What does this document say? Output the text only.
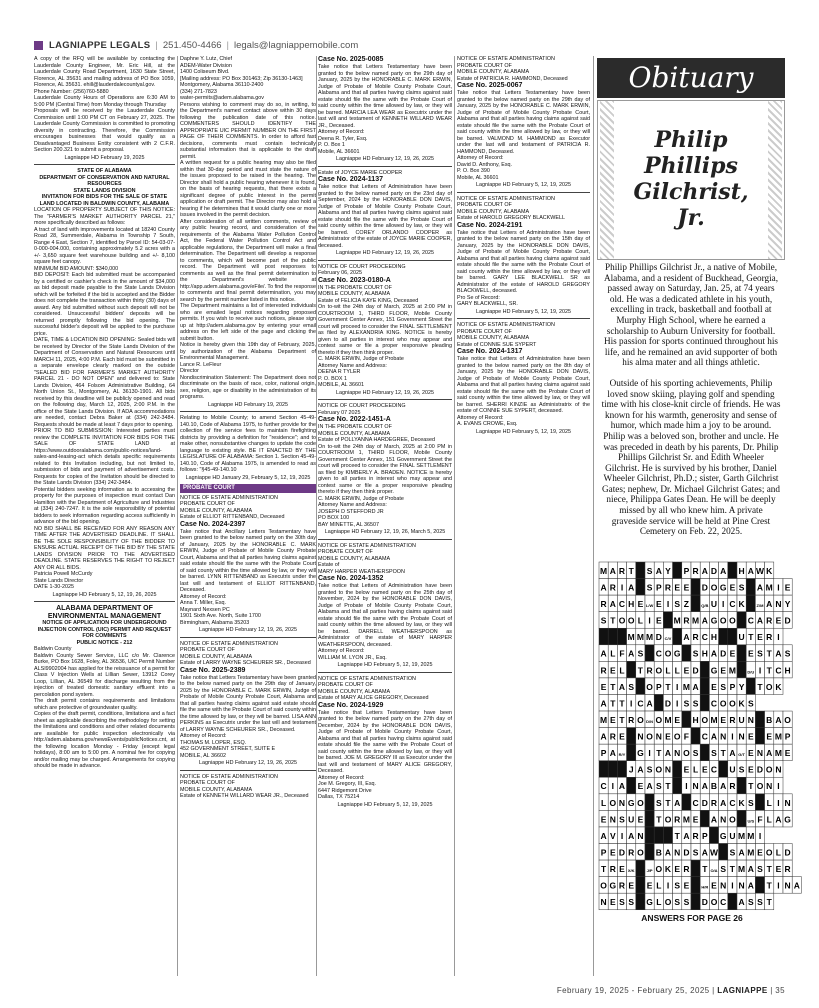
LAGNIAPPE LEGALS | 251.450-4466 | legals@lagniappemobile.com

A copy of the RFQ will be available by contacting the Lauderdale County Engineer, Mr. Eric Hill, at the Lauderdale County Road Department, 1630 State Street, Florence, AL 35631 and mailing address of PO Box 1059, Florence, AL 35631. ehill@lauderdalecountyal.gov.

Phone Number: (256)760-5880

Lauderdale County Hours of Operations are 6:30 AM to 5:00 PM (Central Time) from Monday through Thursday

Proposals will be received by the Lauderdale County Commission until 1:00 PM CT on February 27, 2025. The Lauderdale County Commission is committed to promoting diversity in contracting. Therefore, the Commission encourages businesses that would qualify as a Disadvantaged Business Entity consistent with 2 C.F.R. Section 200.321 to submit a proposal.

Lagniappe HD February 19, 2025

STATE OF ALABAMA

DEPARTMENT OF CONSERVATION AND NATURAL RESOURCES

STATE LANDS DIVISION

INVITATION FOR BIDS FOR THE SALE OF STATE LAND LOCATED IN BALDWIN COUNTY, ALABAMA

LOCATION OF PROPERTY SUBJECT OF THIS NOTICE: The "FARMER'S MARKET AUTHORITY PARCEL 21," more specifically described as follows:

A tract of land with improvements located at 18240 County Road 28, Summerdale, Alabama in Township 7 South, Range 4 East, Section 7, identified by Parcel ID: 54-03-07-0-000-004.000, containing approximately 5.2 acres with a +/- 3,650 square feet warehouse building and +/- 8,100 square feet canopy.

MINIMUM BID AMOUNT: $340,000

BID DEPOSIT: Each bid submitted must be accompanied by a certified or cashier's check in the amount of $34,000 as bid deposit made payable to the State Lands Division which will be forfeited if the bid is accepted and the Bidder does not complete the transaction within thirty (30) days of award. Any bid submitted without such deposit will not be considered. Unsuccessful bidders' deposits will be returned promptly following the bid opening. The successful bidder's deposit will be applied to the purchase price.

DATE, TIME & LOCATION BID OPENING: Sealed bids will be received by Director of the State Lands Division of the Department of Conservation and Natural Resources until MARCH 11, 2025, 4:00 P.M. Each bid must be submitted in a separate envelope clearly marked on the outside "SEALED BID FOR FARMER'S MARKET AUTHORITY PARCEL 21 - DO NOT OPEN" and delivered to: State Lands Division, 464 Folsom Administrative Building, 64 North Union St., Montgomery, AL 36130-1901. All bids received by this deadline will be publicly opened and read on the following day, March 12, 2025, 2:00 P.M. in the office of the State Lands Division. If ADA accommodations are needed, contact Debra Baker at (334) 242-3484. Requests should be made at least 7 days prior to opening.

PRIOR TO BID SUBMISSION: Interested parties must review the COMPLETE INVITATION FOR BIDS FOR THE SALE OF STATE LAND at https://www.outdooralabama.com/public-notices/land-sales-and-leasing-act which details specific requirements related to this Invitation including, but not limited to, submission of bids and payment of advertisement costs. Requests for copies of the Invitation should be directed to the State Lands Division (334) 242-3484.

Potential bidders seeking information as to accessing the property for the purposes of inspection must contact Dan Hamilton with the Department of Agriculture and Industries at (334) 240-7247. It is the sole responsibility of potential bidders to seek information regarding access sufficiently in advance of the bid opening.

NO BID SHALL BE RECEIVED FOR ANY REASON ANY TIME AFTER THE ADVERTISED DEADLINE. IT SHALL BE THE SOLE RESPONSIBILITY OF THE BIDDER TO ENSURE ACTUAL RECEIPT OF THE BID BY THE STATE LANDS DIVISION PRIOR TO THE ADVERTISED DEADLINE. STATE RESERVES THE RIGHT TO REJECT ANY OR ALL BIDS.

Patricia Powell McCurdy

State Lands Director

DATE 1-30-2025

Lagniappe HD February 5, 12, 19, 26, 2025

ALABAMA DEPARTMENT OF ENVIRONMENTAL MANAGEMENT

NOTICE OF APPLICATION FOR UNDERGROUND INJECTION CONTROL (UIC) PERMIT AND REQUEST FOR COMMENTS

PUBLIC NOTICE - 212

Baldwin County

Baldwin County Sewer Service, LLC c/o Mr. Clarence Burke, PO Box 1628, Foley, AL 36536, UIC Permit Number ALSI9902004 has applied for the reissuance of a permit for Class V Injection Wells at Lillian Sewer, 13912 Corey Loop, Lillian, AL 36549 for discharge resulting from the injection of treated domestic sanitary effluent into a percolation pond system.

The draft permit contains requirements and limitations which are protective of groundwater quality.

Copies of the draft permit, conditions, limitations and a fact sheet as applicable describing the methodology for setting the limitations and conditions and other related documents are available for public inspection electronically via http://adem.alabama.gov/newsEvents/publicNotices.cnt, at the following location Monday - Friday (except legal holidays), 8:00 am to 5:00 pm. A nominal fee for copying and/or mailing may be charged. Arrangements for copying should be made in advance.

Daphne Y. Lutz, Chief

ADEM-Water Division

1400 Coliseum Blvd.

[Mailing address: PO Box 301463; Zip 36130-1463]

Montgomery, Alabama 36110-2400

(334) 271-7823

water-permits@adem.alabama.gov

Persons wishing to comment may do so, in writing, to the Department's named contact above within 30 days following the publication date of this notice. COMMENTERS SHOULD IDENTIFY THE APPROPRIATE UIC PERMIT NUMBER ON THE FIRST PAGE OF THEIR COMMENTS. In order to afford fast decisions, comments must contain technically substantial information that is applicable to the draft permit.

A written request for a public hearing may also be filed within that 30-day period and must state the nature of the issues proposed to be raised in the hearing. The Director shall hold a public hearing whenever it is found, on the basis of hearing requests, that there exists a significant degree of public interest in the permit application or draft permit. The Director may also hold a hearing if he determines that it would clarify one or more issues involved in the permit decision.

After consideration of all written comments, review of any public hearing record, and consideration of the requirements of the Alabama Water Pollution Control Act, the Federal Water Pollution Control Act and applicable regulations, the Department will make a final determination. The Department will develop a response to comments, which will become part of the public record. The Department will post responses to comments as well as the final permit determination to the Department's website at http://app.adem.alabama.gov/eFile/. To find the response to comments and final permit determination, you may search by the permit number listed in this notice.

The Department maintains a list of interested individuals who are emailed legal notices regarding proposed permits. If you wish to receive such notices, please sign up at http://adem.alabama.gov by entering your email address on the left side of the page and clicking the submit button.

Notice is hereby given this 19th day of February, 2025, by authorization of the Alabama Department of Environmental Management.

Lance R. LeFleur

Director

Nondiscrimination Statement: The Department does not discriminate on the basis of race, color, national origin, sex, religion, age or disability in the administration of its programs.

Lagniappe HD February 19, 2025

Relating to Mobile County; to amend Section 45-49-140.10, Code of Alabama 1975, to further provide for the collection of fire service fees to maintain firefighting districts by providing a definition for "residence"; and to make other, nonsubstantive changes to update the code language to existing style. BE IT ENACTED BY THE LEGISLATURE OF ALABAMA: Section 1. Section 45-49-140.10, Code of Alabama 1975, is amended to read as follows: "§45-49-140.10

Lagniappe HD January 29, February 5, 12, 19, 2025

PROBATE COURT

NOTICE OF ESTATE ADMINISTRATION

PROBATE COURT OF

MOBILE COUNTY, ALABAMA

Estate of ELLIOT RITTENBAND, Deceased

Case No. 2024-2397

Take notice that Ancillary Letters Testamentary have been granted to the below named party on the 30th day of January, 2025 by the HONORABLE C. MARK ERWIN, Judge of Probate of Mobile County Probate Court, Alabama and that all parties having claims against said estate should file the same with the Probate Court of said county within the time allowed by law, or they will be barred. LYNN RITTENBAND as Executrix under the last will and testament of ELLIOT RITTENBAND, Deceased.

Attorney of Record:

Anna T. Miller, Esq.

Maynard Nexsen PC

1901 Sixth Ave. North, Suite 1700

Birmingham, Alabama 35203

Lagniappe HD February 12, 19, 26, 2025

NOTICE OF ESTATE ADMINISTRATION

PROBATE COURT OF

MOBILE COUNTY, ALABAMA

Estate of LARRY WAYNE SCHEURER SR., Deceased

Case No. 2025-2389

Take notice that Letters Testamentary have been granted to the below named party on the 29th day of January, 2025 by the HONORABLE C. MARK ERWIN, Judge of Probate of Mobile County Probate Court, Alabama and that all parties having claims against said estate should file the same with the Probate Court of said county within the time allowed by law, or they will be barred. LISA ANN PERKINS as Executrix under the last will and testament of LARRY WAYNE SCHEURER SR., Deceased.

Attorney of Record:

THOMAS M. LOPER, ESQ.

452 GOVERNMENT STREET, SUITE E

MOBILE, AL 36602

Lagniappe HD February 12, 19, 26, 2025

NOTICE OF ESTATE ADMINISTRATION

PROBATE COURT OF

MOBILE COUNTY, ALABAMA

Estate of KENNETH WILLARD WEAR JR., Deceased

Case No. 2025-0085

Take notice that Letters Testamentary have been granted to the below named party on the 29th day of January, 2025 by the HONORABLE C. MARK ERWIN, Judge of Probate of Mobile County Probate Court, Alabama and that all parties having claims against said estate should file the same with the Probate Court of said county within the time allowed by law, or they will be barred. MARCIA LEA WEAR as Executrix under the last will and testament of KENNETH WILLARD WEAR JR., Deceased.

Attorney of Record:

Deena R. Tyler, Esq.

P. O. Box 1

Mobile, AL 36601

Lagniappe HD February 12, 19, 26, 2025

Estate of JOYCE MARIE COOPER

Case No. 2024-1137

Take notice that Letters of Administration have been granted to the below named party on the 23rd day of September, 2024 by the HONORABLE DON DAVIS, Judge of Probate of Mobile County Probate Court, Alabama and that all parties having claims against said estate should file the same with the Probate Court of said county within the time allowed by law, or they will be barred. COREY ORLANDO COOPER as Administrator of the estate of JOYCE MARIE COOPER, deceased.

Lagniappe HD February 12, 19, 26, 2025

NOTICE OF COURT PROCEEDING

February 06, 2025

Case No. 2023-0180-A

IN THE PROBATE COURT OF

MOBILE COUNTY, ALABAMA

Estate of FELICIA KAYE KING, Deceased

On to-wit the 24th day of March, 2025 at 2:00 PM in COURTROOM 1, THIRD FLOOR, Mobile County Government Center Annex, 151 Government Street the court will proceed to consider the FINAL SETTLEMENT as filed by ALEXANDRIA KING. NOTICE is hereby given to all parties in interest who may appear and contest same or file a proper responsive pleading thereto if they then think proper.

C. MARK ERWIN, Judge of Probate

Attorney Name and Address:

DEENA R TYLER

P. O. BOX 1

MOBILE, AL 36601

Lagniappe HD February 12, 19, 26, 2025

NOTICE OF COURT PROCEEDING

February 07 2025

Case No. 2022-1451-A

IN THE PROBATE COURT OF

MOBILE COUNTY, ALABAMA

Estate of POLLYANNA HARDEGREE, Deceased

On to-wit the 24th day of March, 2025 at 2:00 PM in COURTROOM 1, THIRD FLOOR, Mobile County Government Center Annex, 151 Government Street the court will proceed to consider the FINAL SETTLEMENT as filed by KIMBERLY A. BRADEN. NOTICE is hereby given to all parties in interest who may appear and contest same or file a proper responsive pleading thereto if they then think proper.

C. MARK ERWIN, Judge of Probate

Attorney Name and Address:

JOSEPH D STEFFORD JR

PO BOX 100

BAY MINETTE, AL 36507

Lagniappe HD February 12, 19, 26, March 5, 2025

NOTICE OF ESTATE ADMINISTRATION

PROBATE COURT OF

MOBILE COUNTY, ALABAMA

Estate of

MARY HARPER WEATHERSPOON

Case No. 2024-1352

Take notice that Letters of Administration have been granted to the below named party on the 25th day of November, 2024 by the HONORABLE DON DAVIS, Judge of Probate of Mobile County Probate Court, Alabama and that all parties having claims against said estate should file the same with the Probate Court of said county within the time allowed by law, or they will be barred. DARRELL WEATHERSPOON as Administrator of the estate of MARY HARPER WEATHERSPOON, deceased.

Attorney of Record:

WILLIAM M. LYON JR., Esq.

Lagniappe HD February 5, 12, 19, 2025

NOTICE OF ESTATE ADMINISTRATION

PROBATE COURT OF

MOBILE COUNTY, ALABAMA

Estate of MARY ALICE GREGORY, Deceased

Case No. 2024-1929

Take notice that Letters Testamentary have been granted to the below named party on the 27th day of December, 2024 by the HONORABLE DON DAVIS, Judge of Probate of Mobile County Probate Court, Alabama and that all parties having claims against said estate should file the same with the Probate Court of said county within the time allowed by law, or they will be barred. JOE M. GREGORY III as Executor under the last will and testament of MARY ALICE GREGORY, Deceased.

Attorney of Record:

Joe M. Gregory, III, Esq.

6447 Ridgemont Drive

Dallas, TX 75214

Lagniappe HD February 5, 12, 19, 2025

NOTICE OF ESTATE ADMINISTRATION

PROBATE COURT OF

MOBILE COUNTY, ALABAMA

Estate of PATRICIA R. HAMMOND, Deceased

Case No. 2025-0067

Take notice that Letters Testamentary have been granted to the below named party on the 29th day of January, 2025 by the HONORABLE C. MARK ERWIN, Judge of Probate of Mobile County Probate Court, Alabama and that all parties having claims against said estate should file the same with the Probate Court of said county within the time allowed by law, or they will be barred. VALMOND M. HAMMOND as Executor under the last will and testament of PATRICIA R. HAMMOND, Deceased.

Attorney of Record:

David D. Anthony, Esq.

P. O. Box 390

Mobile, AL 36601

Lagniappe HD February 5, 12, 19, 2025

NOTICE OF ESTATE ADMINISTRATION

PROBATE COURT OF

MOBILE COUNTY, ALABAMA

Estate of HAROLD GREGORY BLACKWELL

Case No. 2024-2191

Take notice that Letters of Administration have been granted to the below named party on the 15th day of January, 2025 by the HONORABLE DON DAVIS, Judge of Probate of Mobile County Probate Court, Alabama and that all parties having claims against said estate should file the same with the Probate Court of said county within the time allowed by law, or they will be barred. GARY LEE BLACKWELL SR as Administrator of the estate of HAROLD GREGORY BLACKWELL, deceased.

Pro Se of Record:

GARY BLACKWELL, SR.

Lagniappe HD February 5, 12, 19, 2025

NOTICE OF ESTATE ADMINISTRATION

PROBATE COURT OF

MOBILE COUNTY, ALABAMA

Estate of CONNIE SUE SYPERT

Case No. 2024-1317

Take notice that Letters of Administration have been granted to the below named party on the 8th day of January, 2025 by the HONORABLE DON DAVIS, Judge of Probate of Mobile County Probate Court, Alabama and that all parties having claims against said estate should file the same with the Probate Court of said county within the time allowed by law, or they will be barred. SHERRI KINZIE as Administratrix of the estate of CONNIE SUE SYPERT, deceased.

Attorney of Record:

A. EVANS CROWE, Esq.

Lagniappe HD February 5, 12, 19, 2025

Obituary
Philip Phillips Gilchrist, Jr.

Philip Phillips Gilchrist Jr., a native of Mobile, Alabama, and a resident of Buckhead, Georgia, passed away on Saturday, Jan. 25, at 74 years old. He was a dedicated athlete in his youth, excelling in track, basketball and football at Murphy High School, where he earned a scholarship to Auburn University for football. His passion for sports continued throughout his life, and he remained an avid supporter of both his alma mater and all things athletic.

Outside of his sporting achievements, Philip loved snow skiing, playing golf and spending time with his close-knit circle of friends. He was known for his warmth, generosity and sense of humor, which made him a joy to be around. Philip was a beloved son, brother and uncle. He was preceded in death by his parents, Dr. Philip Phillips Gilchrist Sr. and Edith Wheeler Gilchrist. He is survived by his brother, Daniel Wheeler Gilchrist, Ph.D.; sister, Garth Gilchrist Gates; nephew, Dr. Michael Gilchrist Gates; and niece, Philippa Gates Dean. He will be deeply missed by all who knew him. A private graveside service will be held at Pine Crest Cemetery on Feb. 22, 2025.

M A R T S A Y P R A D A H A W K
A R I A S P R E E D O G E S A M I E
R A C H E L/W E I S Z	Q/B U I C K	Z/M A N Y
S T O O L I E M R M A G O O C A R E D
M M M D C/V A R C H	U T E R I
A L F A S C O G S H A D E E S T A S
R E L T R O L L E D G E M	D/U I T C H
E T A S O P T I M A E S P Y T O K
A T T I C A D I S S C O O K S
M E T R O D/N O M E H O M E R U N B A O
A R E N O N E O F C A N I N E E M P
P A R/Y G I T A N O S S T A G/T E N A M E
J A S O N E L E C U S E D O N
C I A E A S T I N A B A R T O N I
L O N G O S T A C D R A C K S L I N
E N S U E T O R M E A N O	U/S F L A G
A V I A N	T A R P G U M M I
P E D R O B A N D S A W S A M E O L D
T R E X/K	J/P O K E R T O/A S T M A S T E R
O G R E E L I S E	H/R E N I N A T I N A
N E S S G L O S S D O C A S S T
ANSWERS FOR PAGE 26
February 19, 2025 - February 25, 2025 | LAGNIAPPE | 35
